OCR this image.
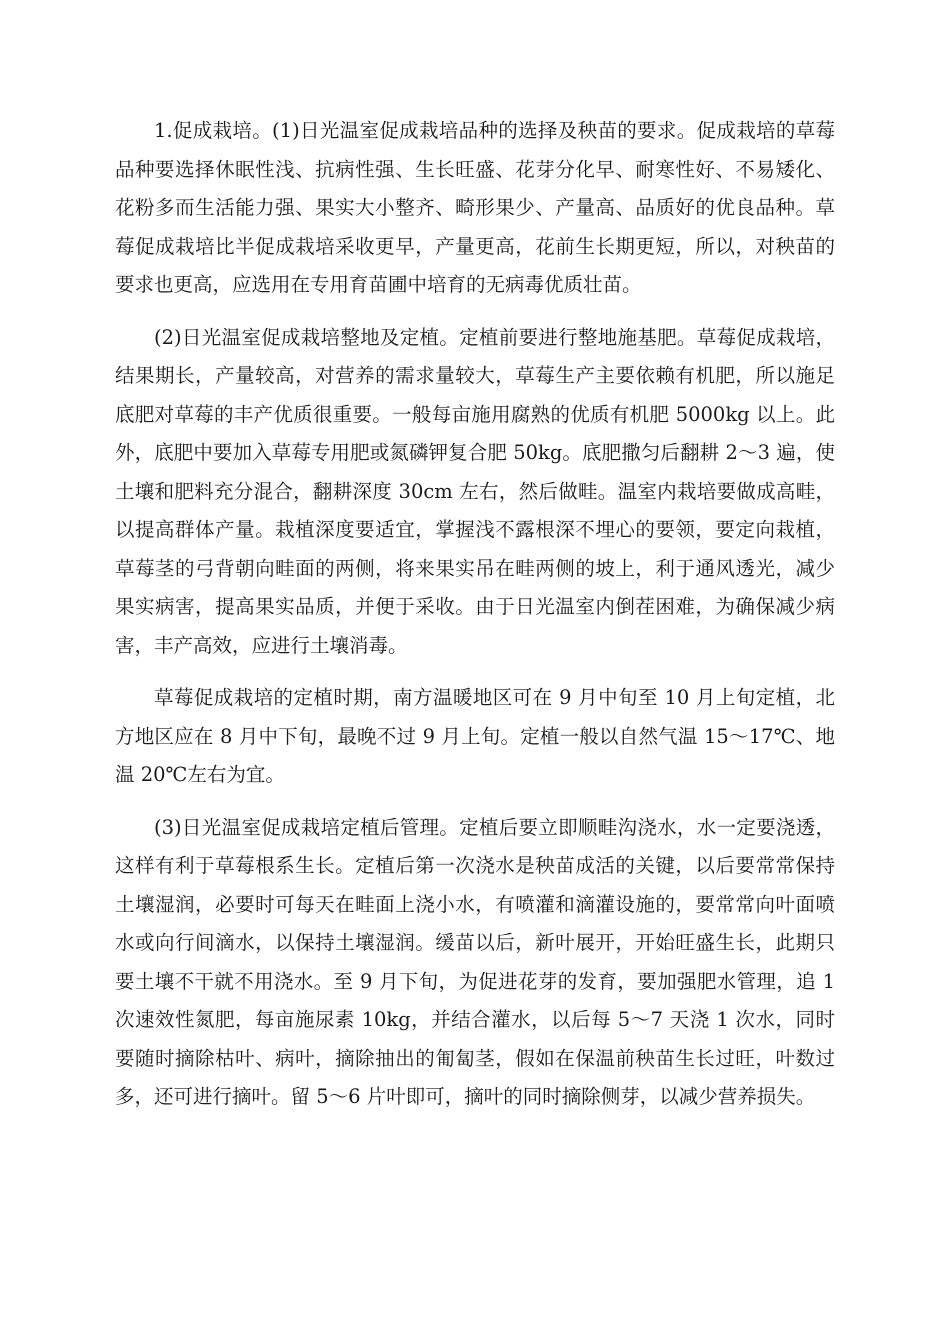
1.促成栽培。(1)日光温室促成栽培品种的选择及秧苗的要求。促成栽培的草莓品种要选择休眠性浅、抗病性强、生长旺盛、花芽分化早、耐寒性好、不易矮化、花粉多而生活能力强、果实大小整齐、畸形果少、产量高、品质好的优良品种。草莓促成栽培比半促成栽培采收更早，产量更高，花前生长期更短，所以，对秧苗的要求也更高，应选用在专用育苗圃中培育的无病毒优质壮苗。

(2)日光温室促成栽培整地及定植。定植前要进行整地施基肥。草莓促成栽培，结果期长，产量较高，对营养的需求量较大，草莓生产主要依赖有机肥，所以施足底肥对草莓的丰产优质很重要。一般每亩施用腐熟的优质有机肥 5000kg 以上。此外，底肥中要加入草莓专用肥或氮磷钾复合肥 50kg。底肥撒匀后翻耕 2～3 遍，使土壤和肥料充分混合，翻耕深度 30cm 左右，然后做畦。温室内栽培要做成高畦，以提高群体产量。栽植深度要适宜，掌握浅不露根深不埋心的要领，要定向栽植，草莓茎的弓背朝向畦面的两侧，将来果实吊在畦两侧的坡上，利于通风透光，减少果实病害，提高果实品质，并便于采收。由于日光温室内倒茬困难，为确保减少病害，丰产高效，应进行土壤消毒。

草莓促成栽培的定植时期，南方温暖地区可在 9 月中旬至 10 月上旬定植，北方地区应在 8 月中下旬，最晚不过 9 月上旬。定植一般以自然气温 15～17℃、地温 20℃左右为宜。

(3)日光温室促成栽培定植后管理。定植后要立即顺畦沟浇水，水一定要浇透，这样有利于草莓根系生长。定植后第一次浇水是秧苗成活的关键，以后要常常保持土壤湿润，必要时可每天在畦面上浇小水，有喷灌和滴灌设施的，要常常向叶面喷水或向行间滴水，以保持土壤湿润。缓苗以后，新叶展开，开始旺盛生长，此期只要土壤不干就不用浇水。至 9 月下旬，为促进花芽的发育，要加强肥水管理，追 1 次速效性氮肥，每亩施尿素 10kg，并结合灌水，以后每 5～7 天浇 1 次水，同时要随时摘除枯叶、病叶，摘除抽出的匍匐茎，假如在保温前秧苗生长过旺，叶数过多，还可进行摘叶。留 5～6 片叶即可，摘叶的同时摘除侧芽，以减少营养损失。
